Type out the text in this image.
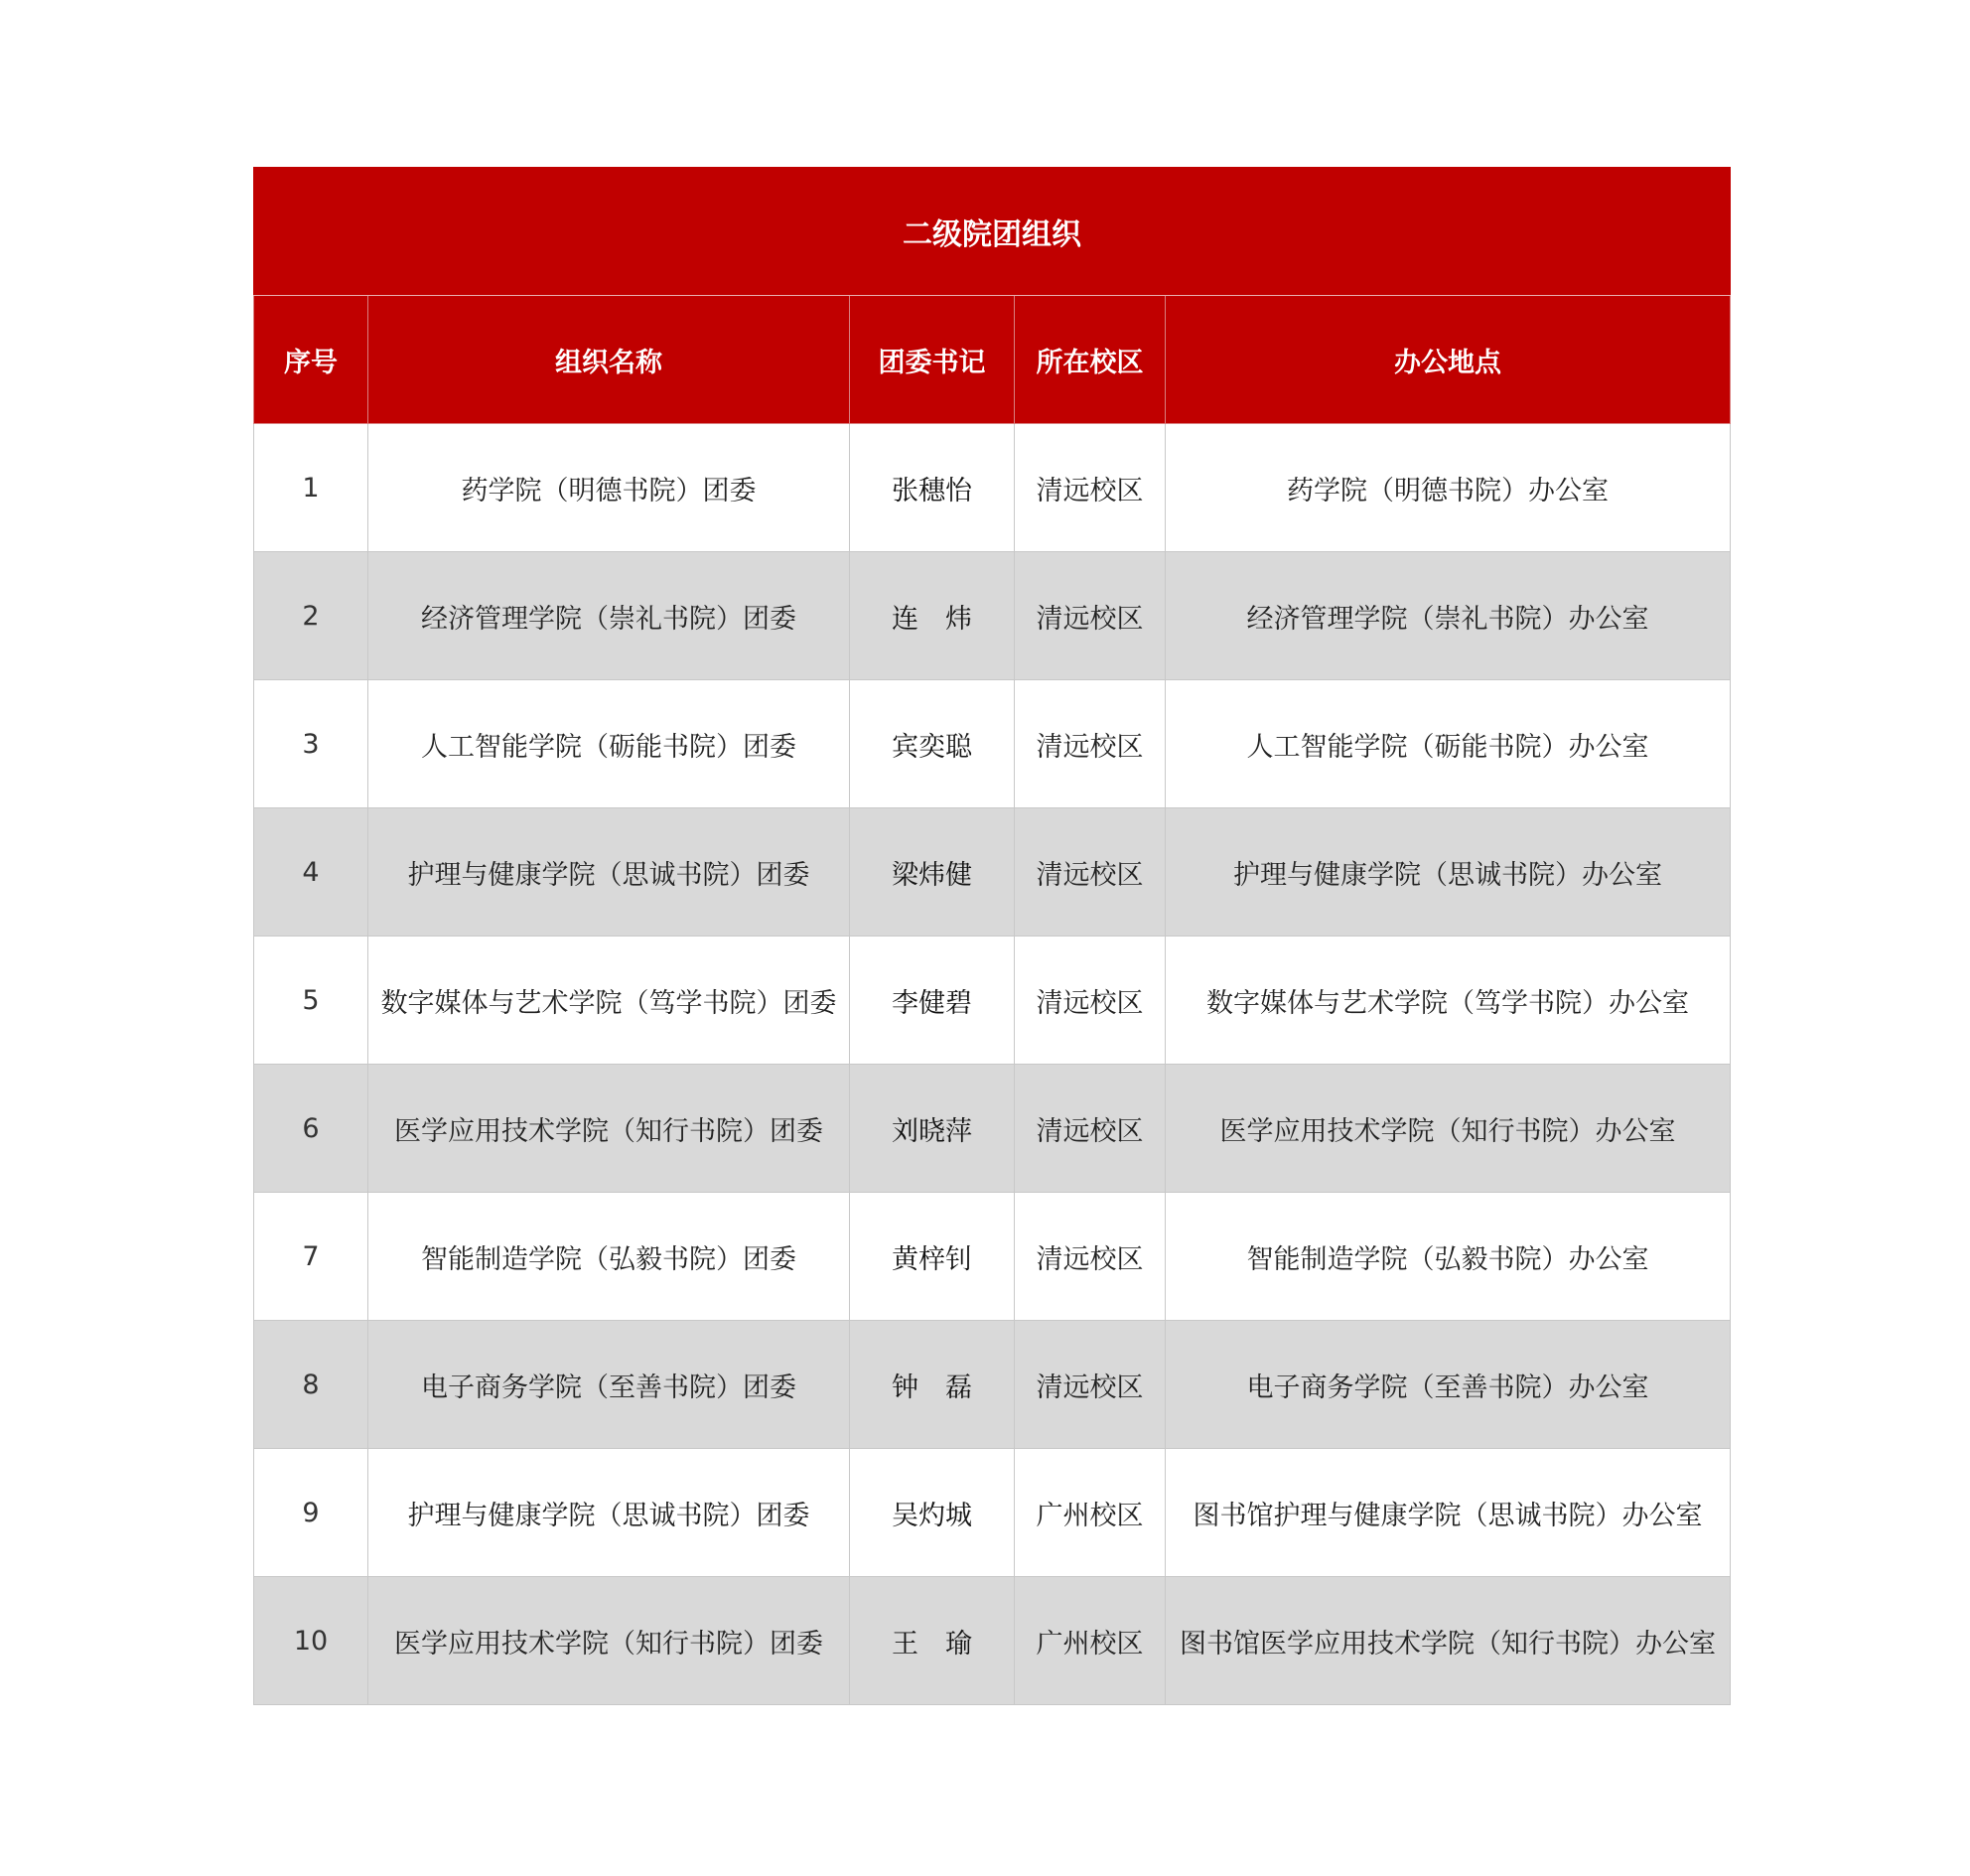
二级院团组织				
序号	组织名称	团委书记	所在校区	办公地点
1	药学院（明德书院）团委	张穗怡	清远校区	药学院（明德书院）办公室
2	经济管理学院（崇礼书院）团委	连　炜	清远校区	经济管理学院（崇礼书院）办公室
3	人工智能学院（砺能书院）团委	宾奕聪	清远校区	人工智能学院（砺能书院）办公室
4	护理与健康学院（思诚书院）团委	梁炜健	清远校区	护理与健康学院（思诚书院）办公室
5	数字媒体与艺术学院（笃学书院）团委	李健碧	清远校区	数字媒体与艺术学院（笃学书院）办公室
6	医学应用技术学院（知行书院）团委	刘晓萍	清远校区	医学应用技术学院（知行书院）办公室
7	智能制造学院（弘毅书院）团委	黄梓钊	清远校区	智能制造学院（弘毅书院）办公室
8	电子商务学院（至善书院）团委	钟　磊	清远校区	电子商务学院（至善书院）办公室
9	护理与健康学院（思诚书院）团委	吴灼城	广州校区	图书馆护理与健康学院（思诚书院）办公室
10	医学应用技术学院（知行书院）团委	王　瑜	广州校区	图书馆医学应用技术学院（知行书院）办公室
